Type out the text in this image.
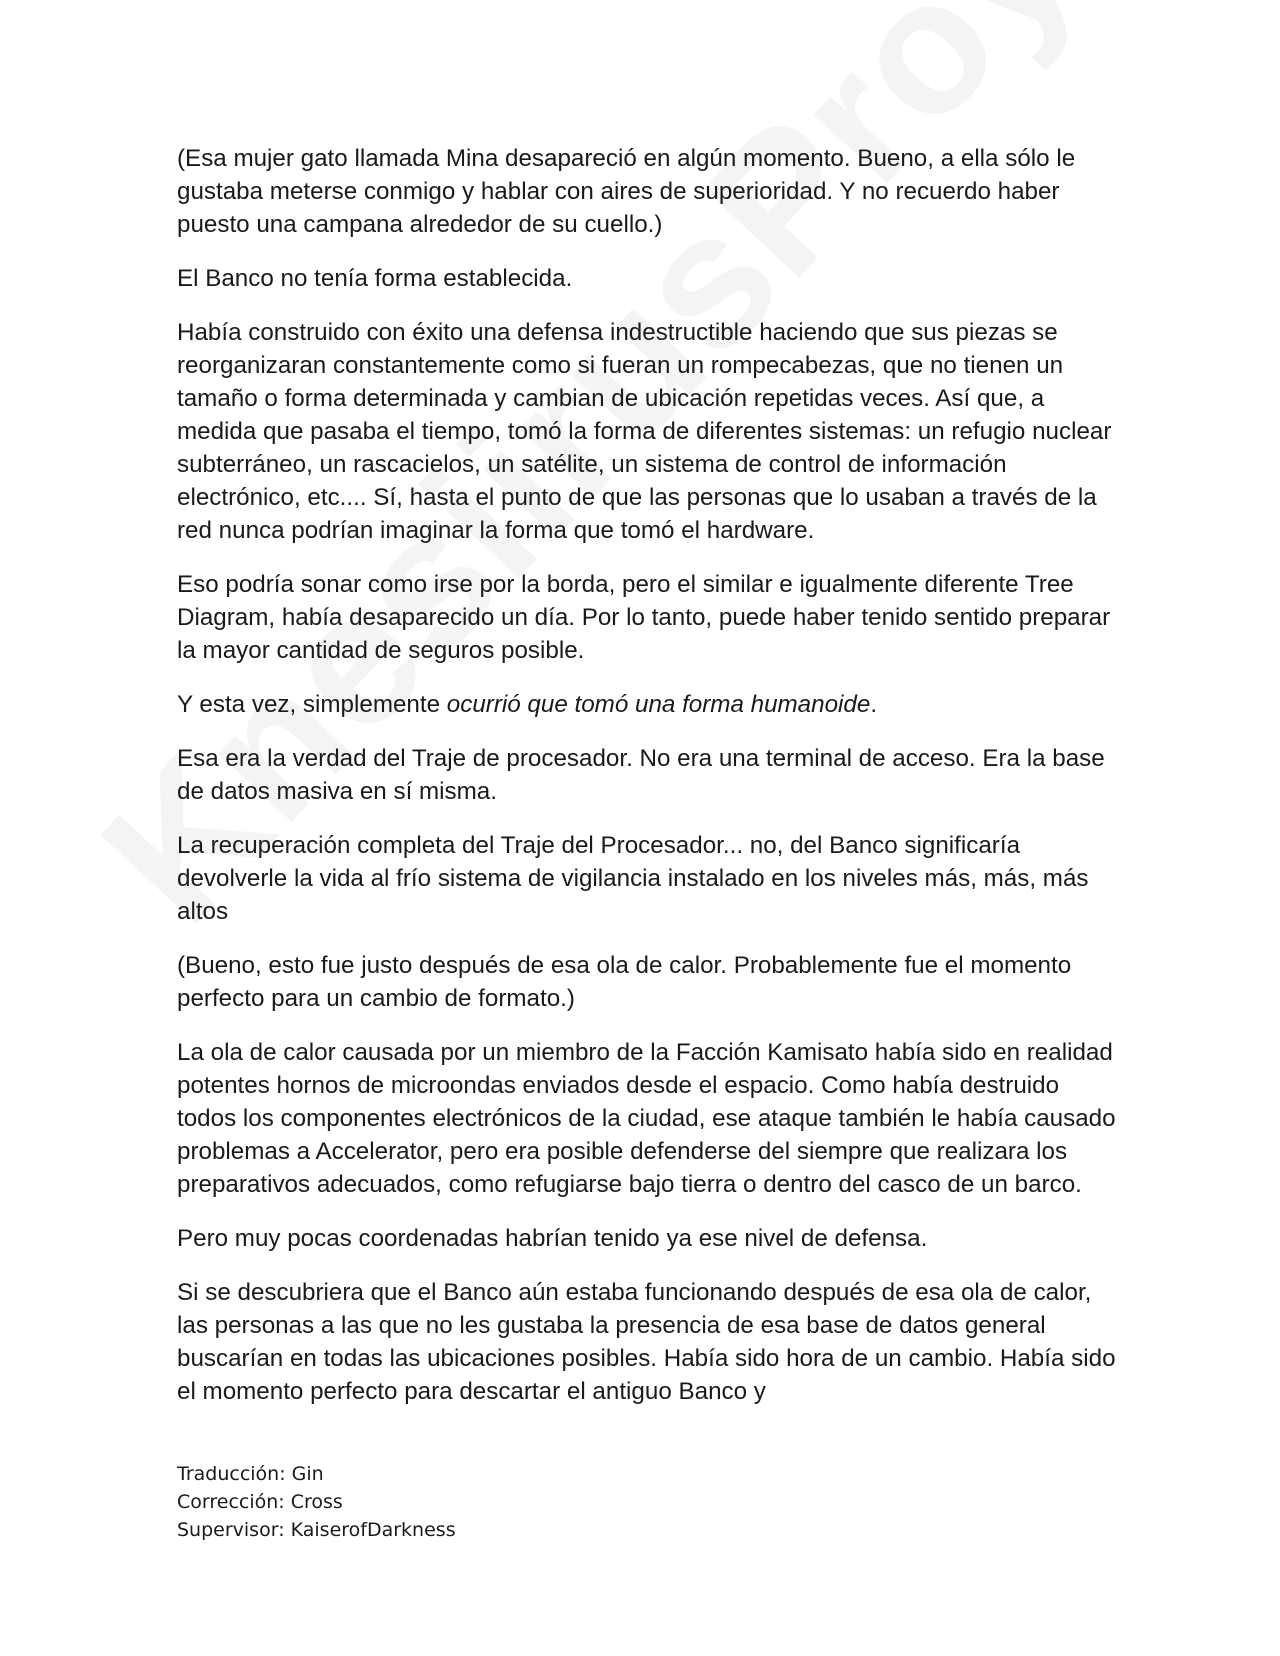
(Esa mujer gato llamada Mina desapareció en algún momento. Bueno, a ella sólo le gustaba meterse conmigo y hablar con aires de superioridad. Y no recuerdo haber puesto una campana alrededor de su cuello.)

El Banco no tenía forma establecida.

Había construido con éxito una defensa indestructible haciendo que sus piezas se reorganizaran constantemente como si fueran un rompecabezas, que no tienen un tamaño o forma determinada y cambian de ubicación repetidas veces. Así que, a medida que pasaba el tiempo, tomó la forma de diferentes sistemas: un refugio nuclear subterráneo, un rascacielos, un satélite, un sistema de control de información electrónico, etc.... Sí, hasta el punto de que las personas que lo usaban a través de la red nunca podrían imaginar la forma que tomó el hardware.

Eso podría sonar como irse por la borda, pero el similar e igualmente diferente Tree Diagram, había desaparecido un día. Por lo tanto, puede haber tenido sentido preparar la mayor cantidad de seguros posible.

Y esta vez, simplemente ocurrió que tomó una forma humanoide.

Esa era la verdad del Traje de procesador. No era una terminal de acceso. Era la base de datos masiva en sí misma.

La recuperación completa del Traje del Procesador... no, del Banco significaría devolverle la vida al frío sistema de vigilancia instalado en los niveles más, más, más altos

(Bueno, esto fue justo después de esa ola de calor. Probablemente fue el momento perfecto para un cambio de formato.)

La ola de calor causada por un miembro de la Facción Kamisato había sido en realidad potentes hornos de microondas enviados desde el espacio. Como había destruido todos los componentes electrónicos de la ciudad, ese ataque también le había causado problemas a Accelerator, pero era posible defenderse del siempre que realizara los preparativos adecuados, como refugiarse bajo tierra o dentro del casco de un barco.

Pero muy pocas coordenadas habrían tenido ya ese nivel de defensa.

Si se descubriera que el Banco aún estaba funcionando después de esa ola de calor, las personas a las que no les gustaba la presencia de esa base de datos general buscarían en todas las ubicaciones posibles. Había sido hora de un cambio. Había sido el momento perfecto para descartar el antiguo Banco y

Traducción: Gin
Corrección: Cross
Supervisor: KaiserofDarkness
